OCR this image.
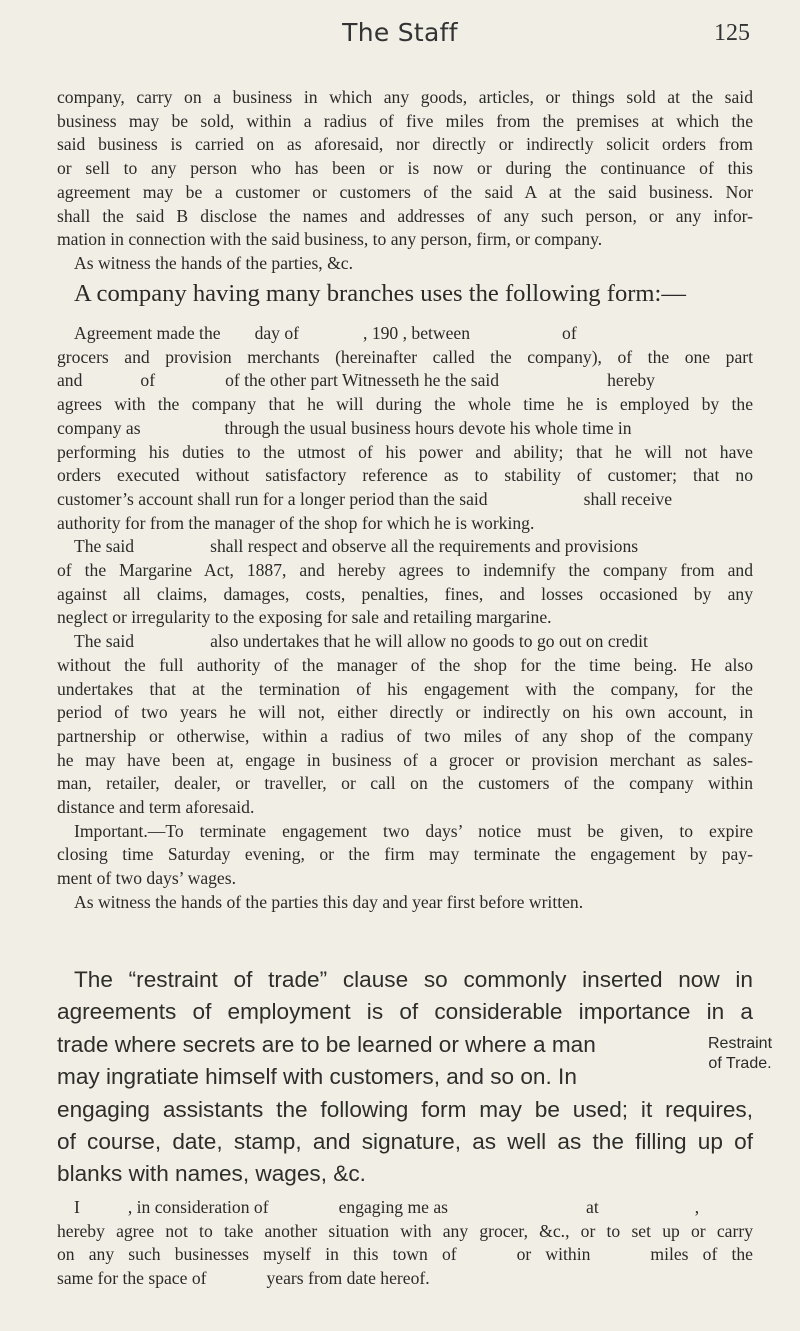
The Staff	125
company, carry on a business in which any goods, articles, or things sold at the said
business may be sold, within a radius of five miles from the premises at which the
said business is carried on as aforesaid, nor directly or indirectly solicit orders from
or sell to any person who has been or is now or during the continuance of this
agreement may be a customer or customers of the said A at the said business. Nor
shall the said B disclose the names and addresses of any such person, or any infor-
mation in connection with the said business, to any person, firm, or company.
As witness the hands of the parties, &c.
A company having many branches uses the following form:—
Agreement made the day of	, 190 , between	of
grocers and provision merchants (hereinafter called the company), of the one part
and	of	of the other part Witnesseth he the said	hereby
agrees with the company that he will during the whole time he is employed by the
company as	through the usual business hours devote his whole time in
performing his duties to the utmost of his power and ability; that he will not have
orders executed without satisfactory reference as to stability of customer; that no
customer’s account shall run for a longer period than the said	shall receive
authority for from the manager of the shop for which he is working.
The said	shall respect and observe all the requirements and provisions
of the Margarine Act, 1887, and hereby agrees to indemnify the company from and
against all claims, damages, costs, penalties, fines, and losses occasioned by any
neglect or irregularity to the exposing for sale and retailing margarine.
The said	also undertakes that he will allow no goods to go out on credit
without the full authority of the manager of the shop for the time being. He also
undertakes that at the termination of his engagement with the company, for the
period of two years he will not, either directly or indirectly on his own account, in
partnership or otherwise, within a radius of two miles of any shop of the company
he may have been at, engage in business of a grocer or provision merchant as sales-
man, retailer, dealer, or traveller, or call on the customers of the company within
distance and term aforesaid.
Important.—To terminate engagement two days’ notice must be given, to expire
closing time Saturday evening, or the firm may terminate the engagement by pay-
ment of two days’ wages.
As witness the hands of the parties this day and year first before written.
The “restraint of trade” clause so commonly inserted now in
agreements of employment is of considerable importance in a
trade where secrets are to be learned or where a man
may ingratiate himself with customers, and so on. In
engaging assistants the following form may be used; it requires,
of course, date, stamp, and signature, as well as the filling up of
blanks with names, wages, &c.
Restraint
of Trade.
I	, in consideration of	engaging me as	at	,
hereby agree not to take another situation with any grocer, &c., or to set up or carry
on any such businesses myself in this town of	or within	miles of the
same for the space of	years from date hereof.
